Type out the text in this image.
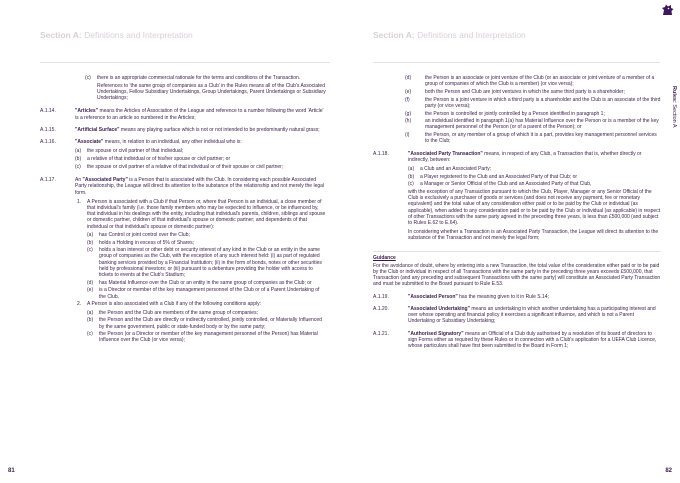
Section A: Definitions and Interpretation
(c)	there is an appropriate commercial rationale for the terms and conditions of the Transaction.
References to 'the same group of companies as a Club' in the Rules means all of the Club's Associated Undertakings, Fellow Subsidiary Undertakings, Group Undertakings, Parent Undertakings or Subsidiary Undertakings;
A.1.14.	"Articles" means the Articles of Association of the League and reference to a number following the word 'Article' is a reference to an article so numbered in the Articles;
A.1.15.	"Artificial Surface" means any playing surface which is not or not intended to be predominantly natural grass;
A.1.16.	"Associate" means, in relation to an individual, any other individual who is:
(a)	the spouse or civil partner of that individual;
(b)	a relative of that individual or of his/her spouse or civil partner; or
(c)	the spouse or civil partner of a relative of that individual or of their spouse or civil partner;
A.1.17.	An "Associated Party" is a Person that is associated with the Club. In considering each possible Associated Party relationship, the League will direct its attention to the substance of the relationship and not merely the legal form.
1.	A Person is associated with a Club if that Person or, where that Person is an individual, a close member of that individual's family (i.e. those family members who may be expected to influence, or be influenced by, that individual in his dealings with the entity, including that individual's parents, children, siblings and spouse or domestic partner, children of that individual's spouse or domestic partner; and dependents of that individual or that individual's spouse or domestic partner):
(a)	has Control or joint control over the Club;
(b)	holds a Holding in excess of 5% of Shares;
(c)	holds a loan interest or other debt or security interest of any kind in the Club or an entity in the same group of companies as the Club, with the exception of any such interest held: (i) as part of regulated banking services provided by a Financial Institution; (ii) in the form of bonds, notes or other securities held by professional investors; or (iii) pursuant to a debenture providing the holder with access to tickets to events at the Club's Stadium;
(d)	has Material Influence over the Club or an entity in the same group of companies as the Club; or
(e)	is a Director or member of the key management personnel of the Club or of a Parent Undertaking of the Club.
2.	A Person is also associated with a Club if any of the following conditions apply:
(a)	the Person and the Club are members of the same group of companies;
(b)	the Person and the Club are directly or indirectly controlled, jointly controlled, or Materially Influenced by the same government, public or state-funded body or by the same party;
(c)	the Person (or a Director or member of the key management personnel of the Person) has Material Influence over the Club (or vice versa);
81
Section A: Definitions and Interpretation
Rules: Section A
(d)	the Person is an associate or joint venture of the Club (or an associate or joint venture of a member of a group of companies of which the Club is a member) (or vice versa);
(e)	both the Person and Club are joint ventures in which the same third party is a shareholder;
(f)	the Person is a joint venture in which a third party is a shareholder and the Club is an associate of the third party (or vice versa);
(g)	the Person is controlled or jointly controlled by a Person identified in paragraph 1;
(h)	an individual identified in paragraph 1(a) has Material Influence over the Person or is a member of the key management personnel of the Person (or of a parent of the Person); or
(i)	the Person, or any member of a group of which it is a part, provides key management personnel services to the Club;
A.1.18.	"Associated Party Transaction" means, in respect of any Club, a Transaction that is, whether directly or indirectly, between:
(a)	a Club and an Associated Party;
(b)	a Player registered to the Club and an Associated Party of that Club; or
(c)	a Manager or Senior Official of the Club and an Associated Party of that Club,
with the exception of any Transaction pursuant to which the Club, Player, Manager or any Senior Official of the Club is exclusively a purchaser of goods or services (and does not receive any payment, fee or monetary equivalent) and the total value of any consideration either paid or to be paid by the Club or individual (as applicable), when added to any consideration paid or to be paid by the Club or individual (as applicable) in respect of other Transactions with the same party agreed in the preceding three years, is less than £500,000 (and subject to Rules E.62 to E.64).
In considering whether a Transaction is an Associated Party Transaction, the League will direct its attention to the substance of the Transaction and not merely the legal form;
Guidance
For the avoidance of doubt, where by entering into a new Transaction, the total value of the consideration either paid or to be paid by the Club or individual in respect of all Transactions with the same party in the preceding three years exceeds £500,000, that Transaction (and any preceding and subsequent Transactions with the same party) will constitute an Associated Party Transaction and must be submitted to the Board pursuant to Rule E.53.
A.1.19.	"Associated Person" has the meaning given to it in Rule S.14;
A.1.20.	"Associated Undertaking" means an undertaking in which another undertaking has a participating interest and over whose operating and financial policy it exercises a significant influence, and which is not a Parent Undertaking or Subsidiary Undertaking;
A.1.21.	"Authorised Signatory" means an Official of a Club duly authorised by a resolution of its board of directors to sign Forms either as required by these Rules or in connection with a Club's application for a UEFA Club Licence, whose particulars shall have first been submitted to the Board in Form 1;
82
